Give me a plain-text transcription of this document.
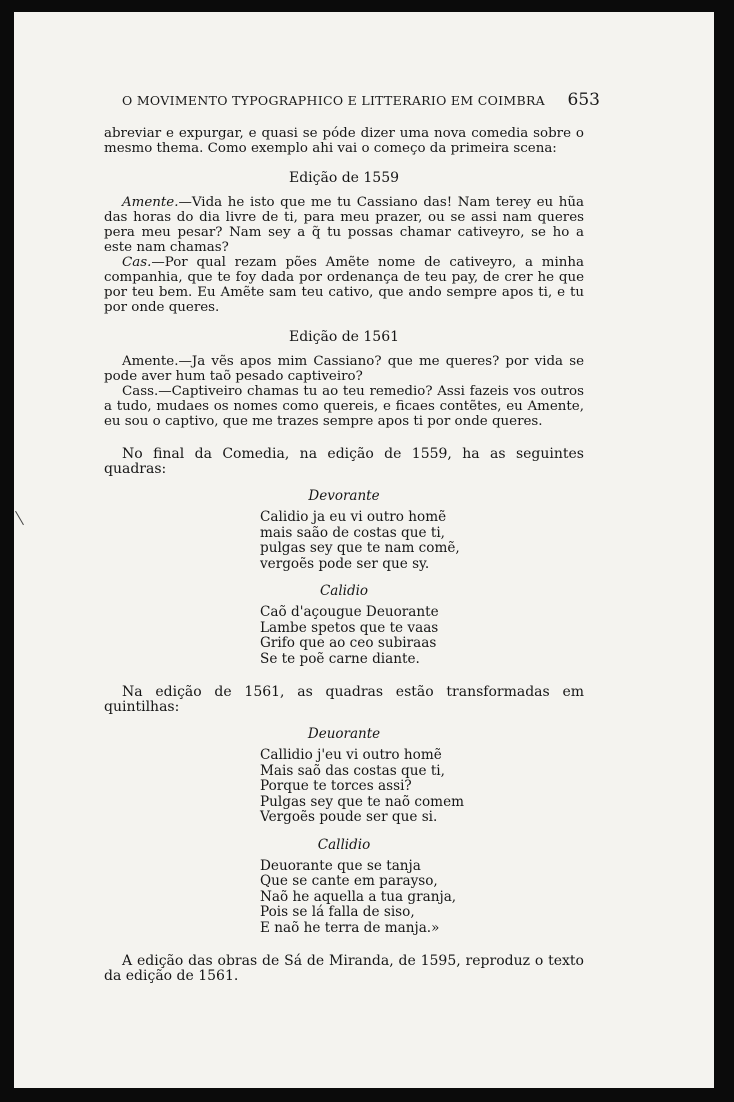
O MOVIMENTO TYPOGRAPHICO E LITTERARIO EM COIMBRA 653

abreviar e expurgar, e quasi se póde dizer uma nova comedia sobre o mesmo thema. Como exemplo ahi vai o começo da primeira scena:

Edição de 1559

Amente.—Vida he isto que me tu Cassiano das! Nam terey eu hũa das horas do dia livre de ti, para meu prazer, ou se assi nam queres pera meu pesar? Nam sey a q̃ tu possas chamar cativeyro, se ho a este nam chamas?

Cas.—Por qual rezam pões Amẽte nome de cativeyro, a minha companhia, que te foy dada por ordenança de teu pay, de crer he que por teu bem. Eu Amẽte sam teu cativo, que ando sempre apos ti, e tu por onde queres.

Edição de 1561

Amente.—Ja vẽs apos mim Cassiano? que me queres? por vida se pode aver hum taõ pesado captiveiro?

Cass.—Captiveiro chamas tu ao teu remedio? Assi fazeis vos outros a tudo, mudaes os nomes como quereis, e ficaes contẽtes, eu Amente, eu sou o captivo, que me trazes sempre apos ti por onde queres.

No final da Comedia, na edição de 1559, ha as seguintes quadras:

Devorante
Calidio ja eu vi outro homẽ
mais saão de costas que ti,
pulgas sey que te nam comẽ,
vergoẽs pode ser que sy.
Calidio
Caõ d'açougue Deuorante
Lambe spetos que te vaas
Grifo que ao ceo subiraas
Se te poẽ carne diante.

Na edição de 1561, as quadras estão transformadas em quintilhas:

Deuorante
Callidio j'eu vi outro homẽ
Mais saõ das costas que ti,
Porque te torces assi?
Pulgas sey que te naõ comem
Vergoẽs poude ser que si.
Callidio
Deuorante que se tanja
Que se cante em parayso,
Naõ he aquella a tua granja,
Pois se lá falla de siso,
E naõ he terra de manja.»

A edição das obras de Sá de Miranda, de 1595, reproduz o texto da edição de 1561.
